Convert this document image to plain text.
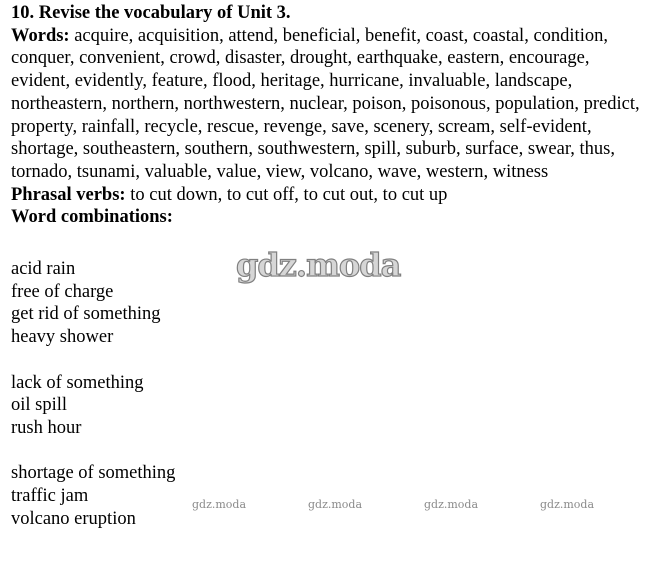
10. Revise the vocabulary of Unit 3.

Words: acquire, acquisition, attend, beneficial, benefit, coast, coastal, condition, conquer, convenient, crowd, disaster, drought, earthquake, eastern, encourage, evident, evidently, feature, flood, heritage, hurricane, invaluable, landscape, northeastern, northern, northwestern, nuclear, poison, poisonous, population, predict, property, rainfall, recycle, rescue, revenge, save, scenery, scream, self-evident, shortage, southeastern, southern, southwestern, spill, suburb, surface, swear, thus, tornado, tsunami, valuable, value, view, volcano, wave, western, witness

Phrasal verbs: to cut down, to cut off, to cut out, to cut up

Word combinations:

acid rain
free of charge
get rid of something
heavy shower
lack of something
oil spill
rush hour
shortage of something
traffic jam
volcano eruption
gdz.moda
gdz.moda	gdz.moda	gdz.moda	gdz.moda
